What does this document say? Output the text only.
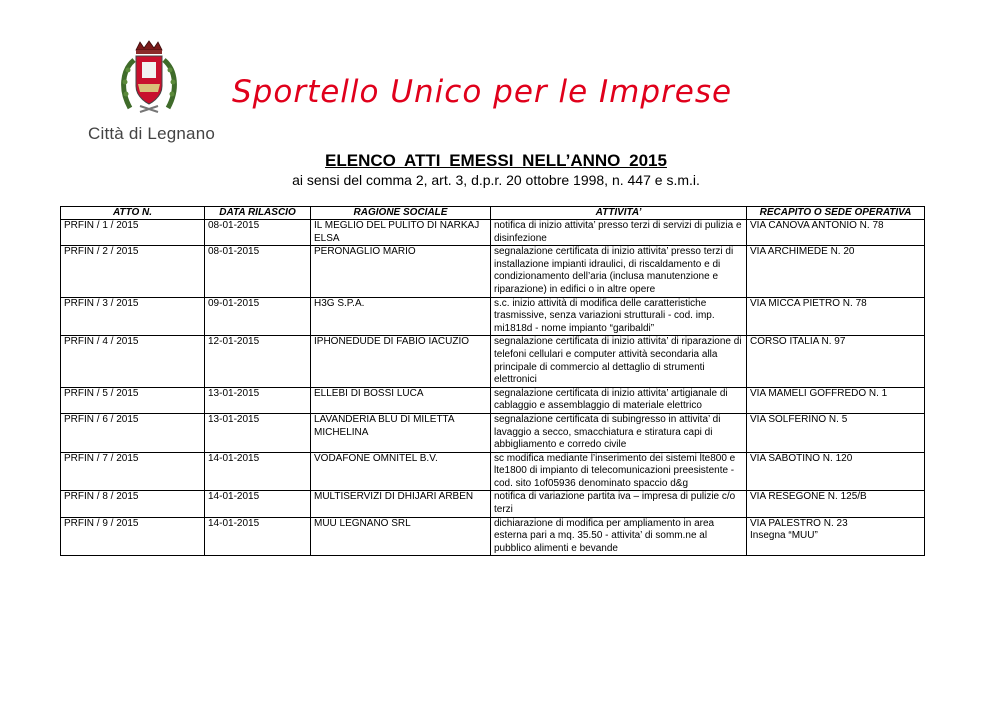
Città di Legnano
Sportello Unico per le Imprese
ELENCO ATTI EMESSI NELL’ANNO 2015
ai sensi del comma 2, art. 3, d.p.r. 20 ottobre 1998, n. 447 e s.m.i.
ATTO N.	DATA RILASCIO	RAGIONE SOCIALE	ATTIVITA’	RECAPITO O SEDE OPERATIVA
PRFIN / 1 / 2015	08-01-2015	IL MEGLIO DEL PULITO DI NARKAJ ELSA	notifica di inizio attivita’ presso terzi di servizi di pulizia e disinfezione	VIA CANOVA ANTONIO N. 78
PRFIN / 2 / 2015	08-01-2015	PERONAGLIO MARIO	segnalazione certificata di inizio attivita’ presso terzi di installazione impianti idraulici, di riscaldamento e di condizionamento dell’aria (inclusa manutenzione e riparazione) in edifici o in altre opere	VIA ARCHIMEDE N. 20
PRFIN / 3 / 2015	09-01-2015	H3G S.P.A.	s.c. inizio attività di modifica delle caratteristiche trasmissive, senza variazioni strutturali - cod. imp. mi1818d - nome impianto “garibaldi”	VIA MICCA PIETRO N. 78
PRFIN / 4 / 2015	12-01-2015	IPHONEDUDE DI FABIO IACUZIO	segnalazione certificata di inizio attivita’ di riparazione di telefoni cellulari e computer attività secondaria alla principale di commercio al dettaglio di strumenti elettronici	CORSO ITALIA N. 97
PRFIN / 5 / 2015	13-01-2015	ELLEBI DI BOSSI LUCA	segnalazione certificata di inizio attivita’ artigianale di cablaggio e assemblaggio di materiale elettrico	VIA MAMELI GOFFREDO N. 1
PRFIN / 6 / 2015	13-01-2015	LAVANDERIA BLU DI MILETTA MICHELINA	segnalazione certificata di subingresso in attivita’ di lavaggio a secco, smacchiatura e stiratura capi di abbigliamento e corredo civile	VIA SOLFERINO N. 5
PRFIN / 7 / 2015	14-01-2015	VODAFONE OMNITEL B.V.	sc modifica mediante l’inserimento dei sistemi lte800 e lte1800 di impianto di telecomunicazioni preesistente - cod. sito 1of05936 denominato spaccio d&g	VIA SABOTINO N. 120
PRFIN / 8 / 2015	14-01-2015	MULTISERVIZI DI DHIJARI ARBEN	notifica di variazione partita iva – impresa di pulizie c/o terzi	VIA RESEGONE N. 125/B
PRFIN / 9 / 2015	14-01-2015	MUU LEGNANO SRL	dichiarazione di modifica per ampliamento in area esterna pari a mq. 35.50 - attivita’ di somm.ne al pubblico alimenti e bevande	VIA PALESTRO N. 23
Insegna “MUU”
